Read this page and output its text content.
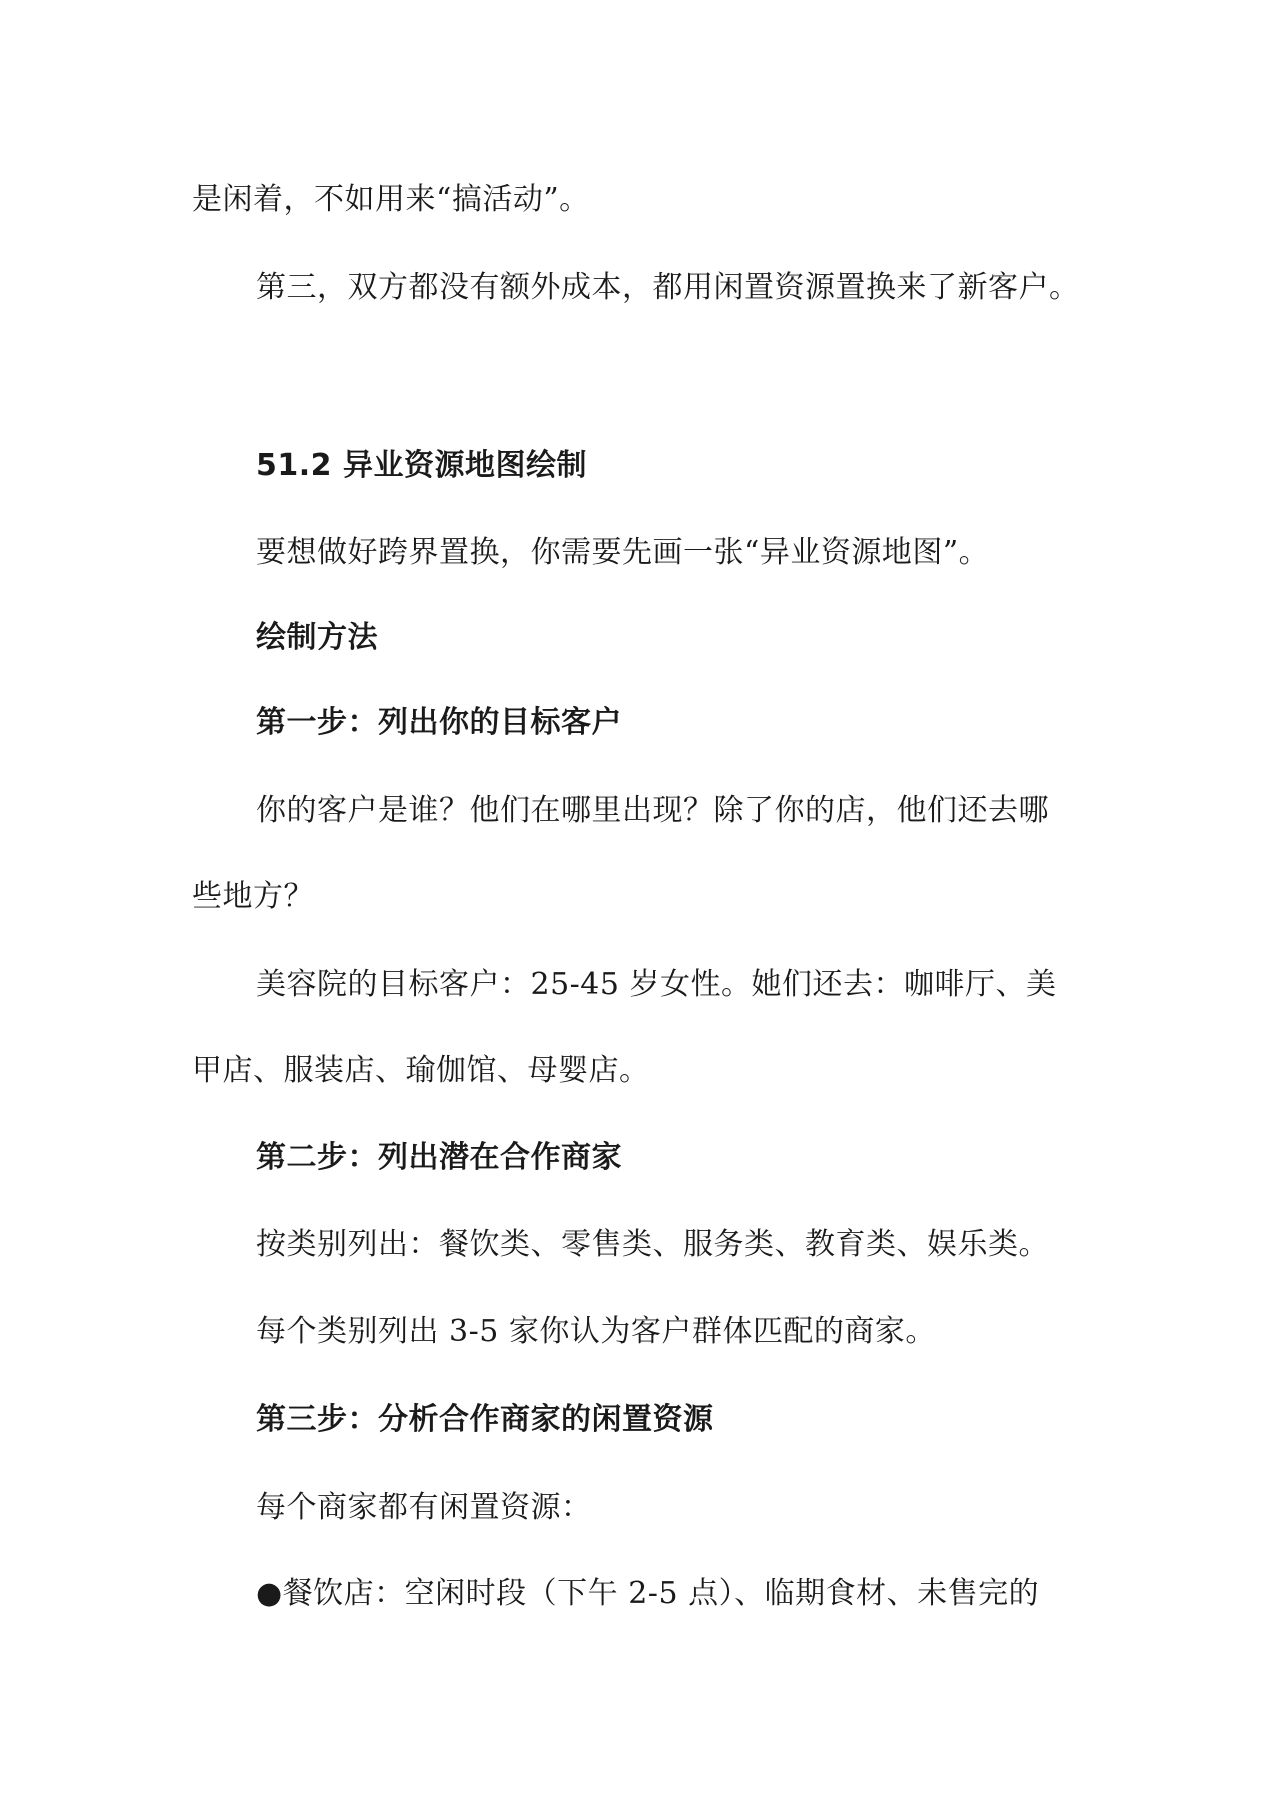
是闲着，不如用来“搞活动”。
第三，双方都没有额外成本，都用闲置资源置换来了新客户。
51.2 异业资源地图绘制
要想做好跨界置换，你需要先画一张“异业资源地图”。
绘制方法
第一步：列出你的目标客户
你的客户是谁？他们在哪里出现？除了你的店，他们还去哪
些地方？
美容院的目标客户：25-45 岁女性。她们还去：咖啡厅、美
甲店、服装店、瑜伽馆、母婴店。
第二步：列出潜在合作商家
按类别列出：餐饮类、零售类、服务类、教育类、娱乐类。
每个类别列出 3-5 家你认为客户群体匹配的商家。
第三步：分析合作商家的闲置资源
每个商家都有闲置资源：
●餐饮店：空闲时段（下午 2-5 点）、临期食材、未售完的
